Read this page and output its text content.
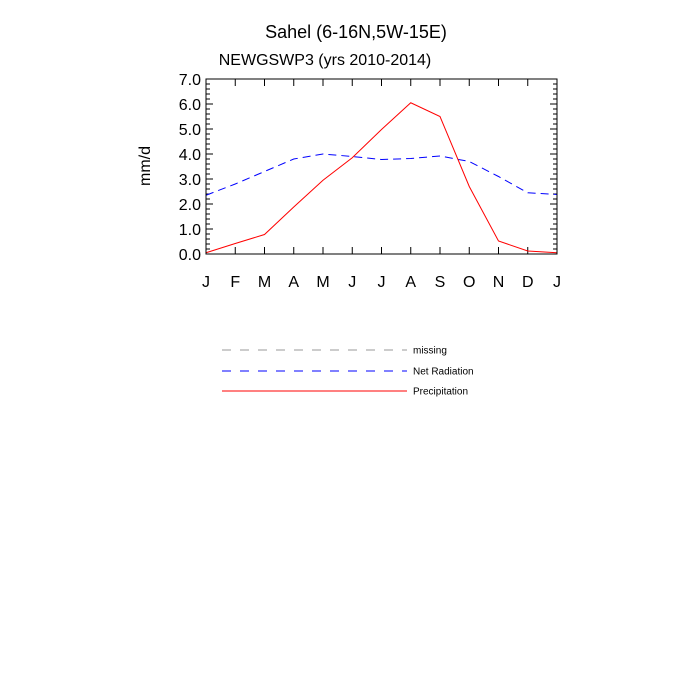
Sahel (6-16N,5W-15E)
NEWGSWP3 (yrs 2010-2014)
mm/d
0.0
1.0
2.0
3.0
4.0
5.0
6.0
7.0
J F M A M J J A S O N D J
missing
Net Radiation
Precipitation
